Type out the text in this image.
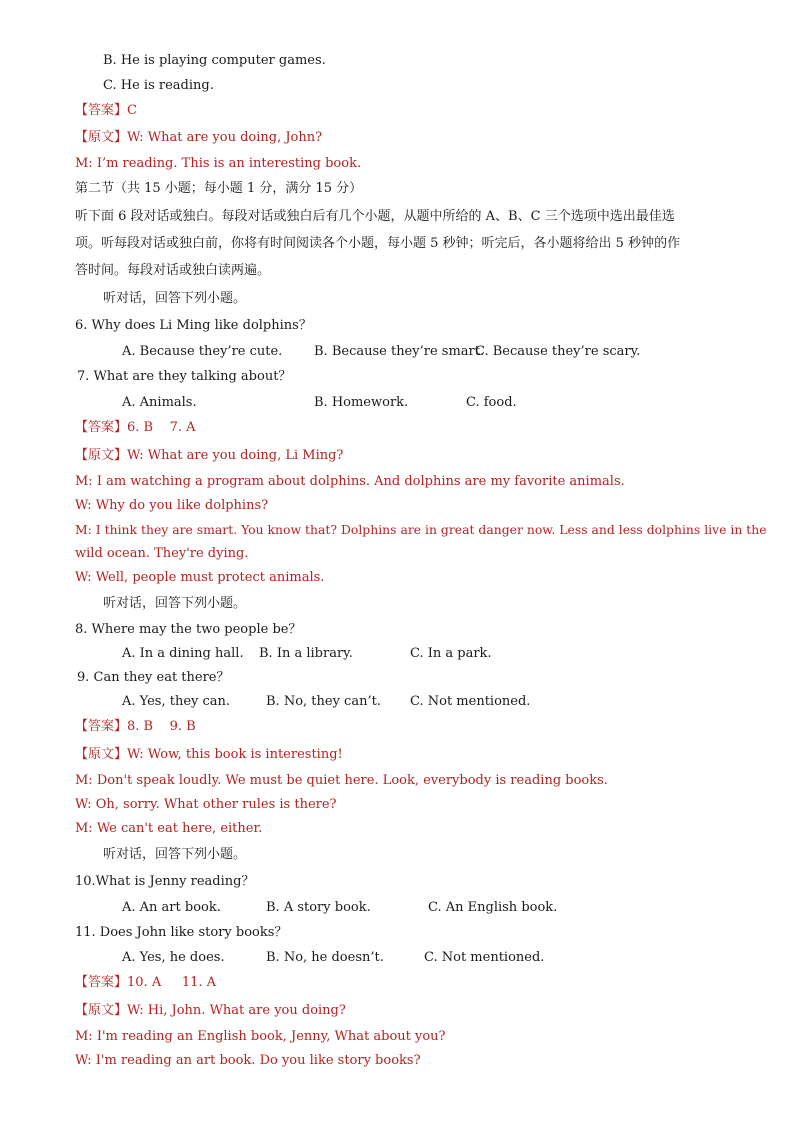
B. He is playing computer games.
C. He is reading.
【答案】C
【原文】W: What are you doing, John?
M: I’m reading. This is an interesting book.
第二节（共 15 小题；每小题 1 分，满分 15 分）
听下面 6 段对话或独白。每段对话或独白后有几个小题，从题中所给的 A、B、C 三个选项中选出最佳选
项。听每段对话或独白前，你将有时间阅读各个小题，每小题 5 秒钟；听完后，各小题将给出 5 秒钟的作
答时间。每段对话或独白读两遍。
听对话，回答下列小题。
6. Why does Li Ming like dolphins？
A. Because they’re cute. B. Because they’re smart.
C. Because they’re scary.
7. What are they talking about？
A. Animals.	B. Homework.	C. food.
【答案】6. B    7. A
【原文】W: What are you doing, Li Ming?
M: I am watching a program about dolphins. And dolphins are my favorite animals.
W: Why do you like dolphins?
M: I think they are smart. You know that? Dolphins are in great danger now. Less and less dolphins live in the
wild ocean. They're dying.
W: Well, people must protect animals.
听对话，回答下列小题。
8. Where may the two people be？
A. In a dining hall. B. In a library.	C. In a park.
9. Can they eat there？
A. Yes, they can.	B. No, they can’t. C. Not mentioned.
【答案】8. B    9. B
【原文】W: Wow, this book is interesting!
M: Don't speak loudly. We must be quiet here. Look, everybody is reading books.
W: Oh, sorry. What other rules is there?
M: We can't eat here, either.
听对话，回答下列小题。
10.What is Jenny reading？
A. An art book.	B. A story book.	C. An English book.
11. Does John like story books？
A. Yes, he does.	B. No, he doesn’t.	C. Not mentioned.
【答案】10. A     11. A
【原文】W: Hi, John. What are you doing?
M: I'm reading an English book, Jenny, What about you?
W: I'm reading an art book. Do you like story books?
